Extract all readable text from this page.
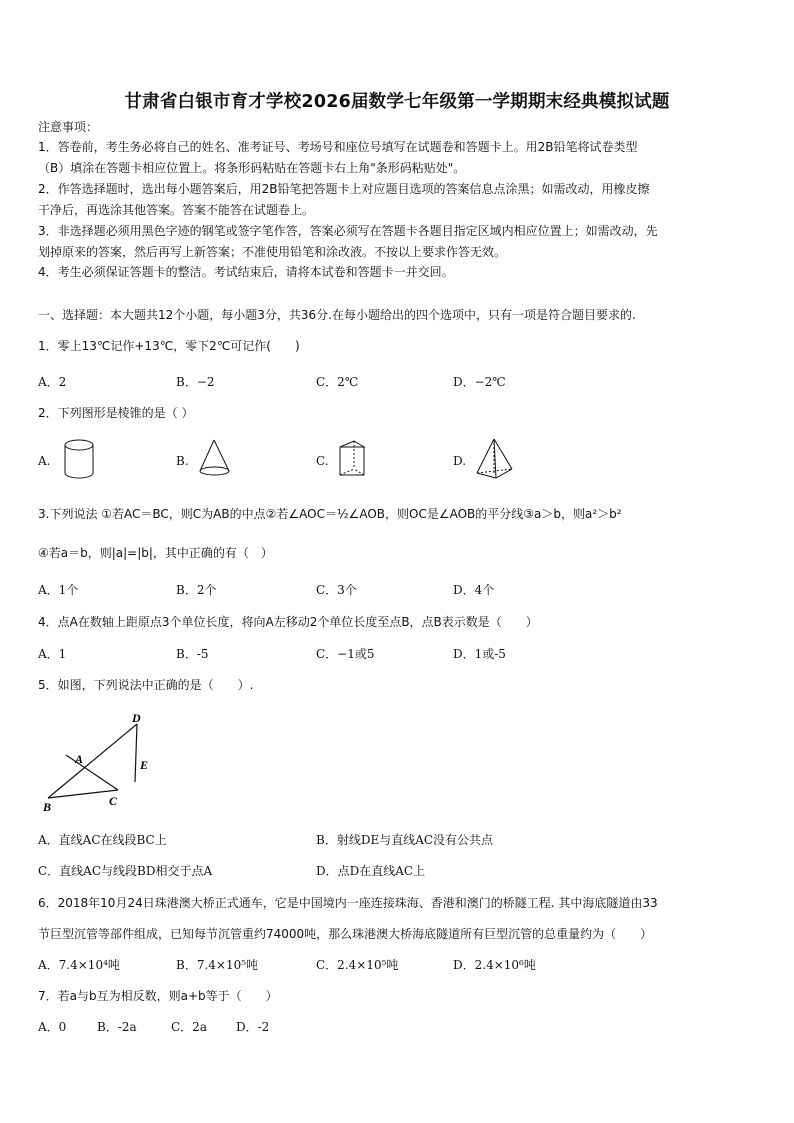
甘肃省白银市育才学校2026届数学七年级第一学期期末经典模拟试题
注意事项：
1．答卷前，考生务必将自己的姓名、准考证号、考场号和座位号填写在试题卷和答题卡上。用2B铅笔将试卷类型
（B）填涂在答题卡相应位置上。将条形码粘贴在答题卡右上角"条形码粘贴处"。
2．作答选择题时，选出每小题答案后，用2B铅笔把答题卡上对应题目选项的答案信息点涂黑；如需改动，用橡皮擦
干净后，再选涂其他答案。答案不能答在试题卷上。
3．非选择题必须用黑色字迹的钢笔或签字笔作答，答案必须写在答题卡各题目指定区域内相应位置上；如需改动，先
划掉原来的答案，然后再写上新答案；不准使用铅笔和涂改液。不按以上要求作答无效。
4．考生必须保证答题卡的整洁。考试结束后，请将本试卷和答题卡一并交回。
一、选择题：本大题共12个小题，每小题3分，共36分.在每小题给出的四个选项中，只有一项是符合题目要求的.
1．零上13℃记作+13℃，零下2℃可记作(　　)
A．2	B．−2	C．2℃	D．−2℃
2．下列图形是棱锥的是（ ）
A.	B.	C.	D.
3.下列说法 ①若AC＝BC，则C为AB的中点②若∠AOC＝½∠AOB，则OC是∠AOB的平分线③a＞b，则a²＞b²
④若a＝b，则|a|=|b|，其中正确的有（　）
A．1个	B．2个	C．3个	D．4个
4．点A在数轴上距原点3个单位长度，将向A左移动2个单位长度至点B，点B表示数是（　　）
A．1	B．-5	C．−1或5	D．1或-5
5．如图，下列说法中正确的是（　　）.
D
A	E
B	C
A．直线AC在线段BC上	B．射线DE与直线AC没有公共点
C．直线AC与线段BD相交于点A	D．点D在直线AC上
6．2018年10月24日珠港澳大桥正式通车，它是中国境内一座连接珠海、香港和澳门的桥隧工程. 其中海底隧道由33
节巨型沉管等部件组成，已知每节沉管重约74000吨，那么珠港澳大桥海底隧道所有巨型沉管的总重量约为（　　）
A．7.4×10⁴吨	B．7.4×10⁵吨	C．2.4×10⁵吨	D．2.4×10⁶吨
7．若a与b互为相反数，则a+b等于（　　）
A．0	B．-2a	C．2a D．-2
